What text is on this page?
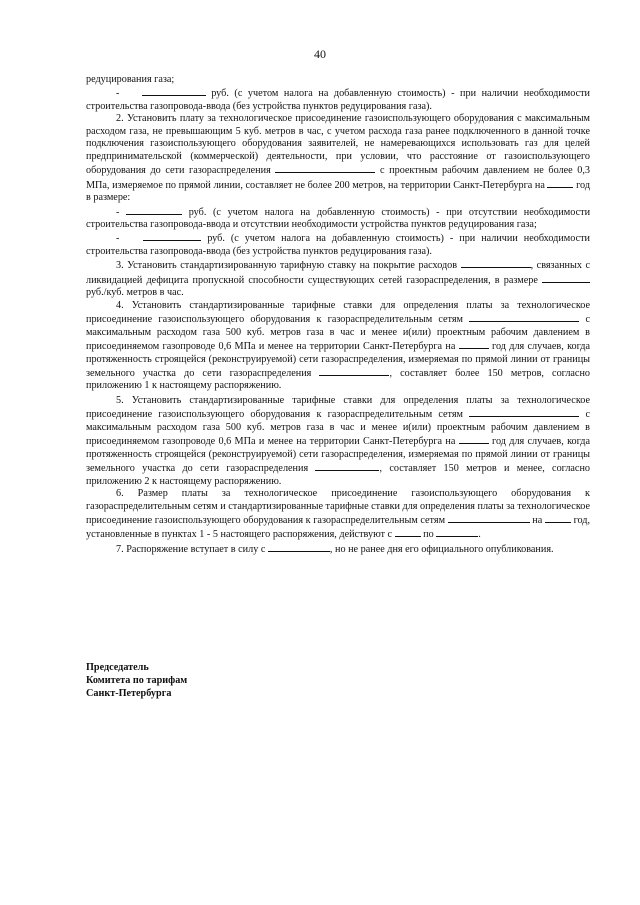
40

редуцирования газа;

-	руб. (с учетом налога на добавленную стоимость) - при наличии необходимости строительства газопровода-ввода (без устройства пунктов редуцирования газа).

2. Установить плату за технологическое присоединение газоиспользующего оборудования с максимальным расходом газа, не превышающим 5 куб. метров в час, с учетом расхода газа ранее подключенного в данной точке подключения газоиспользующего оборудования заявителей, не намеревающихся использовать газ для целей предпринимательской (коммерческой) деятельности, при условии, что расстояние от газоиспользующего оборудования до сети газораспределения	с проектным рабочим давлением не более 0,3 МПа, измеряемое по прямой линии, составляет не более 200 метров, на территории Санкт-Петербурга на	год в размере:

-	руб. (с учетом налога на добавленную стоимость) - при отсутствии необходимости строительства газопровода-ввода и отсутствии необходимости устройства пунктов редуцирования газа;

-	руб. (с учетом налога на добавленную стоимость) - при наличии необходимости строительства газопровода-ввода (без устройства пунктов редуцирования газа).

3. Установить стандартизированную тарифную ставку на покрытие расходов	, связанных с ликвидацией дефицита пропускной способности существующих сетей газораспределения, в размере руб./куб. метров в час.

4. Установить стандартизированные тарифные ставки для определения платы за технологическое присоединение газоиспользующего оборудования к газораспределительным сетям	с максимальным расходом газа 500 куб. метров газа в час и менее и(или) проектным рабочим давлением в присоединяемом газопроводе 0,6 МПа и менее на территории Санкт-Петербурга на	год для случаев, когда протяженность строящейся (реконструируемой) сети газораспределения, измеряемая по прямой линии от границы земельного участка до сети газораспределения	, составляет более 150 метров, согласно приложению 1 к настоящему распоряжению.

5. Установить стандартизированные тарифные ставки для определения платы за технологическое присоединение газоиспользующего оборудования к газораспределительным сетям	с максимальным расходом газа 500 куб. метров газа в час и менее и(или) проектным рабочим давлением в присоединяемом газопроводе 0,6 МПа и менее на территории Санкт-Петербурга на	год для случаев, когда протяженность строящейся (реконструируемой) сети газораспределения, измеряемая по прямой линии от границы земельного участка до сети газораспределения	, составляет 150 метров и менее, согласно приложению 2 к настоящему распоряжению.

6. Размер платы за технологическое присоединение газоиспользующего оборудования к газораспределительным сетям и стандартизированные тарифные ставки для определения платы за технологическое присоединение газоиспользующего оборудования к газораспределительным сетям	на	год, установленные в пунктах 1 - 5 настоящего распоряжения, действуют с	по	.

7. Распоряжение вступает в силу с	, но не ранее дня его официального опубликования.

Председатель
Комитета по тарифам
Санкт-Петербурга
